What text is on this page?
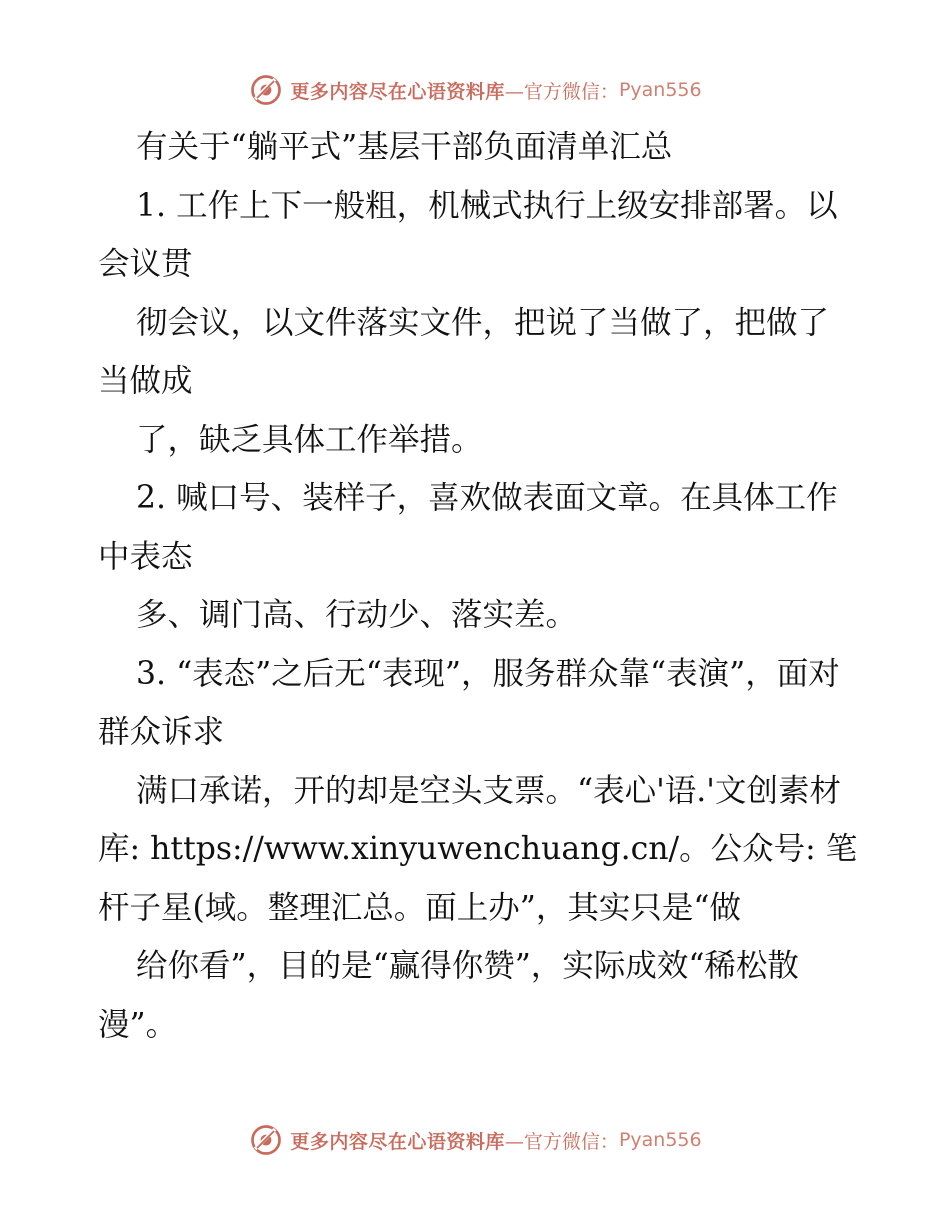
更多内容尽在心语资料库 —官方微信： Pyan556

有关于“躺平式”基层干部负面清单汇总

1. 工作上下一般粗，机械式执行上级安排部署。以会议贯

彻会议，以文件落实文件，把说了当做了，把做了当做成

了，缺乏具体工作举措。

2. 喊口号、装样子，喜欢做表面文章。在具体工作中表态

多、调门高、行动少、落实差。

3. “表态”之后无“表现”，服务群众靠“表演”，面对群众诉求

满口承诺，开的却是空头支票。“表心'语.'文创素材库: https://www.xinyuwenchuang.cn/。公众号: 笔杆子星(域。整理汇总。面上办”，其实只是“做

给你看”，目的是“赢得你赞”，实际成效“稀松散漫”。

更多内容尽在心语资料库 —官方微信： Pyan556
